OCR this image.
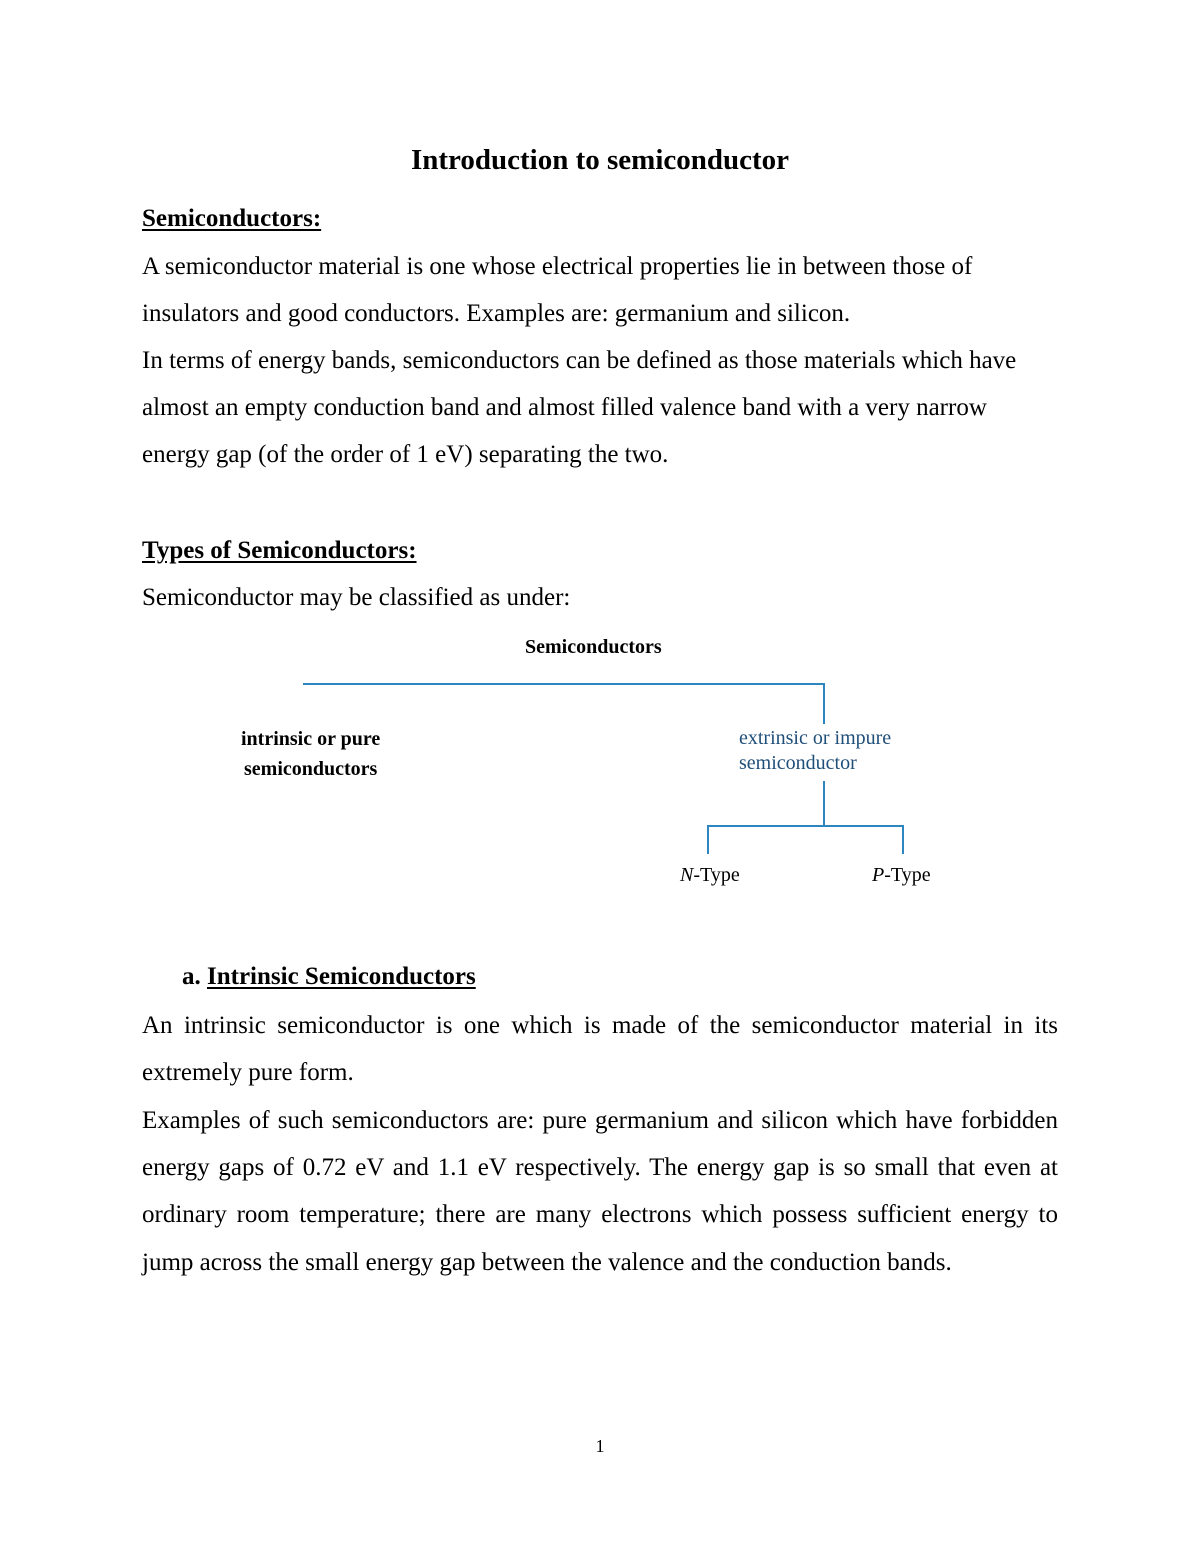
Introduction to semiconductor
Semiconductors:

A semiconductor material is one whose electrical properties lie in between those of insulators and good conductors. Examples are: germanium and silicon.

In terms of energy bands, semiconductors can be defined as those materials which have almost an empty conduction band and almost filled valence band with a very narrow energy gap (of the order of 1 eV) separating the two.

Types of Semiconductors:
Semiconductor may be classified as under:
Semiconductors
intrinsic or pure
semiconductors
extrinsic or impure
semiconductor
N-Type	P-Type
a. Intrinsic Semiconductors

An intrinsic semiconductor is one which is made of the semiconductor material in its extremely pure form.

Examples of such semiconductors are: pure germanium and silicon which have forbidden energy gaps of 0.72 eV and 1.1 eV respectively. The energy gap is so small that even at ordinary room temperature; there are many electrons which possess sufficient energy to jump across the small energy gap between the valence and the conduction bands.

1
